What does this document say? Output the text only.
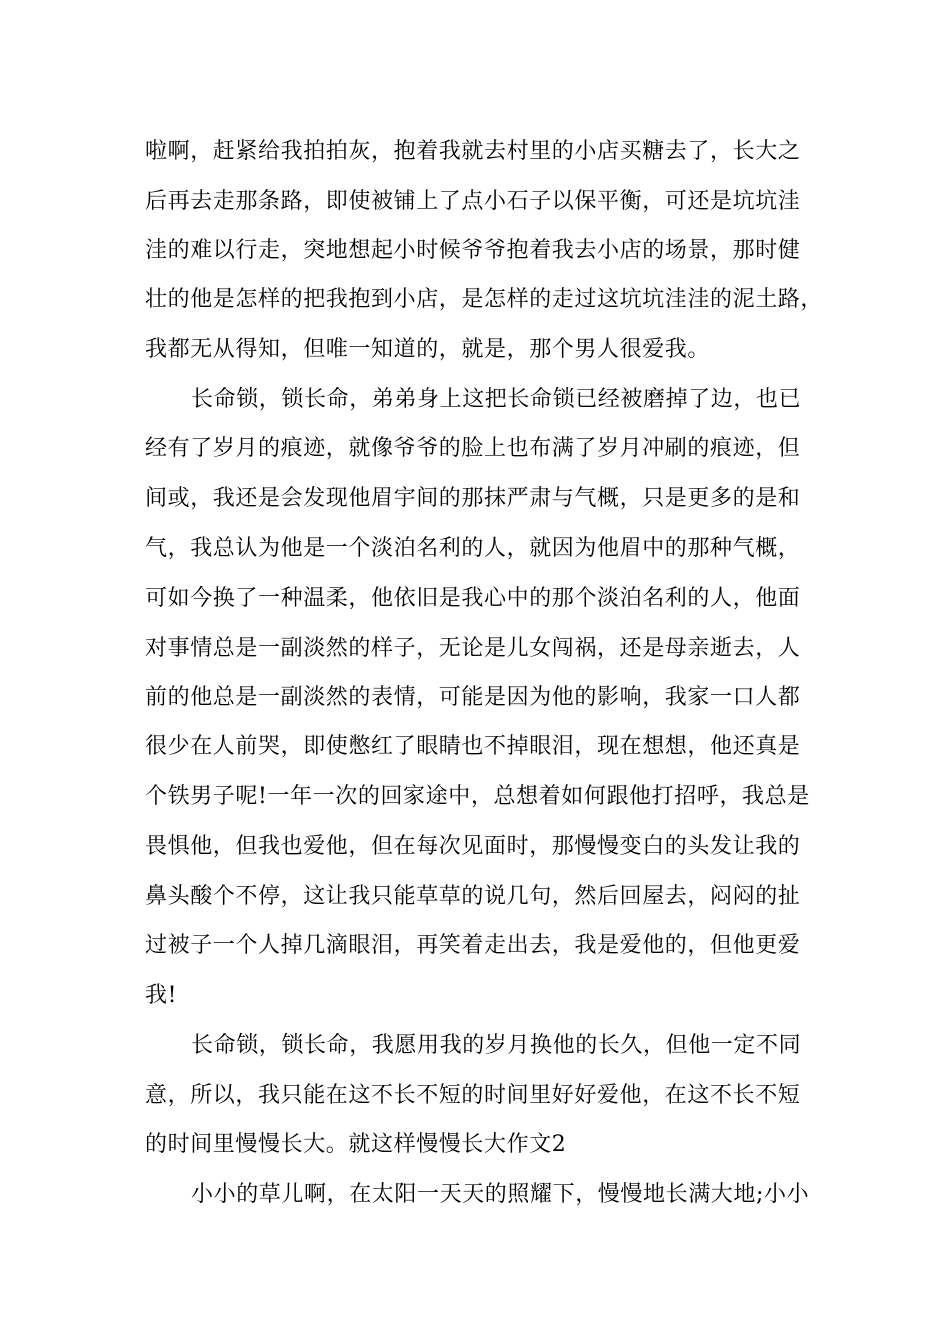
啦啊，赶紧给我拍拍灰，抱着我就去村里的小店买糖去了，长大之
后再去走那条路，即使被铺上了点小石子以保平衡，可还是坑坑洼
洼的难以行走，突地想起小时候爷爷抱着我去小店的场景，那时健
壮的他是怎样的把我抱到小店，是怎样的走过这坑坑洼洼的泥土路，
我都无从得知，但唯一知道的，就是，那个男人很爱我。
长命锁，锁长命，弟弟身上这把长命锁已经被磨掉了边，也已
经有了岁月的痕迹，就像爷爷的脸上也布满了岁月冲刷的痕迹，但
间或，我还是会发现他眉宇间的那抹严肃与气概，只是更多的是和
气，我总认为他是一个淡泊名利的人，就因为他眉中的那种气概，
可如今换了一种温柔，他依旧是我心中的那个淡泊名利的人，他面
对事情总是一副淡然的样子，无论是儿女闯祸，还是母亲逝去，人
前的他总是一副淡然的表情，可能是因为他的影响，我家一口人都
很少在人前哭，即使憋红了眼睛也不掉眼泪，现在想想，他还真是
个铁男子呢!一年一次的回家途中，总想着如何跟他打招呼，我总是
畏惧他，但我也爱他，但在每次见面时，那慢慢变白的头发让我的
鼻头酸个不停，这让我只能草草的说几句，然后回屋去，闷闷的扯
过被子一个人掉几滴眼泪，再笑着走出去，我是爱他的，但他更爱
我!
长命锁，锁长命，我愿用我的岁月换他的长久，但他一定不同
意，所以，我只能在这不长不短的时间里好好爱他，在这不长不短
的时间里慢慢长大。就这样慢慢长大作文2
小小的草儿啊，在太阳一天天的照耀下，慢慢地长满大地;小小
